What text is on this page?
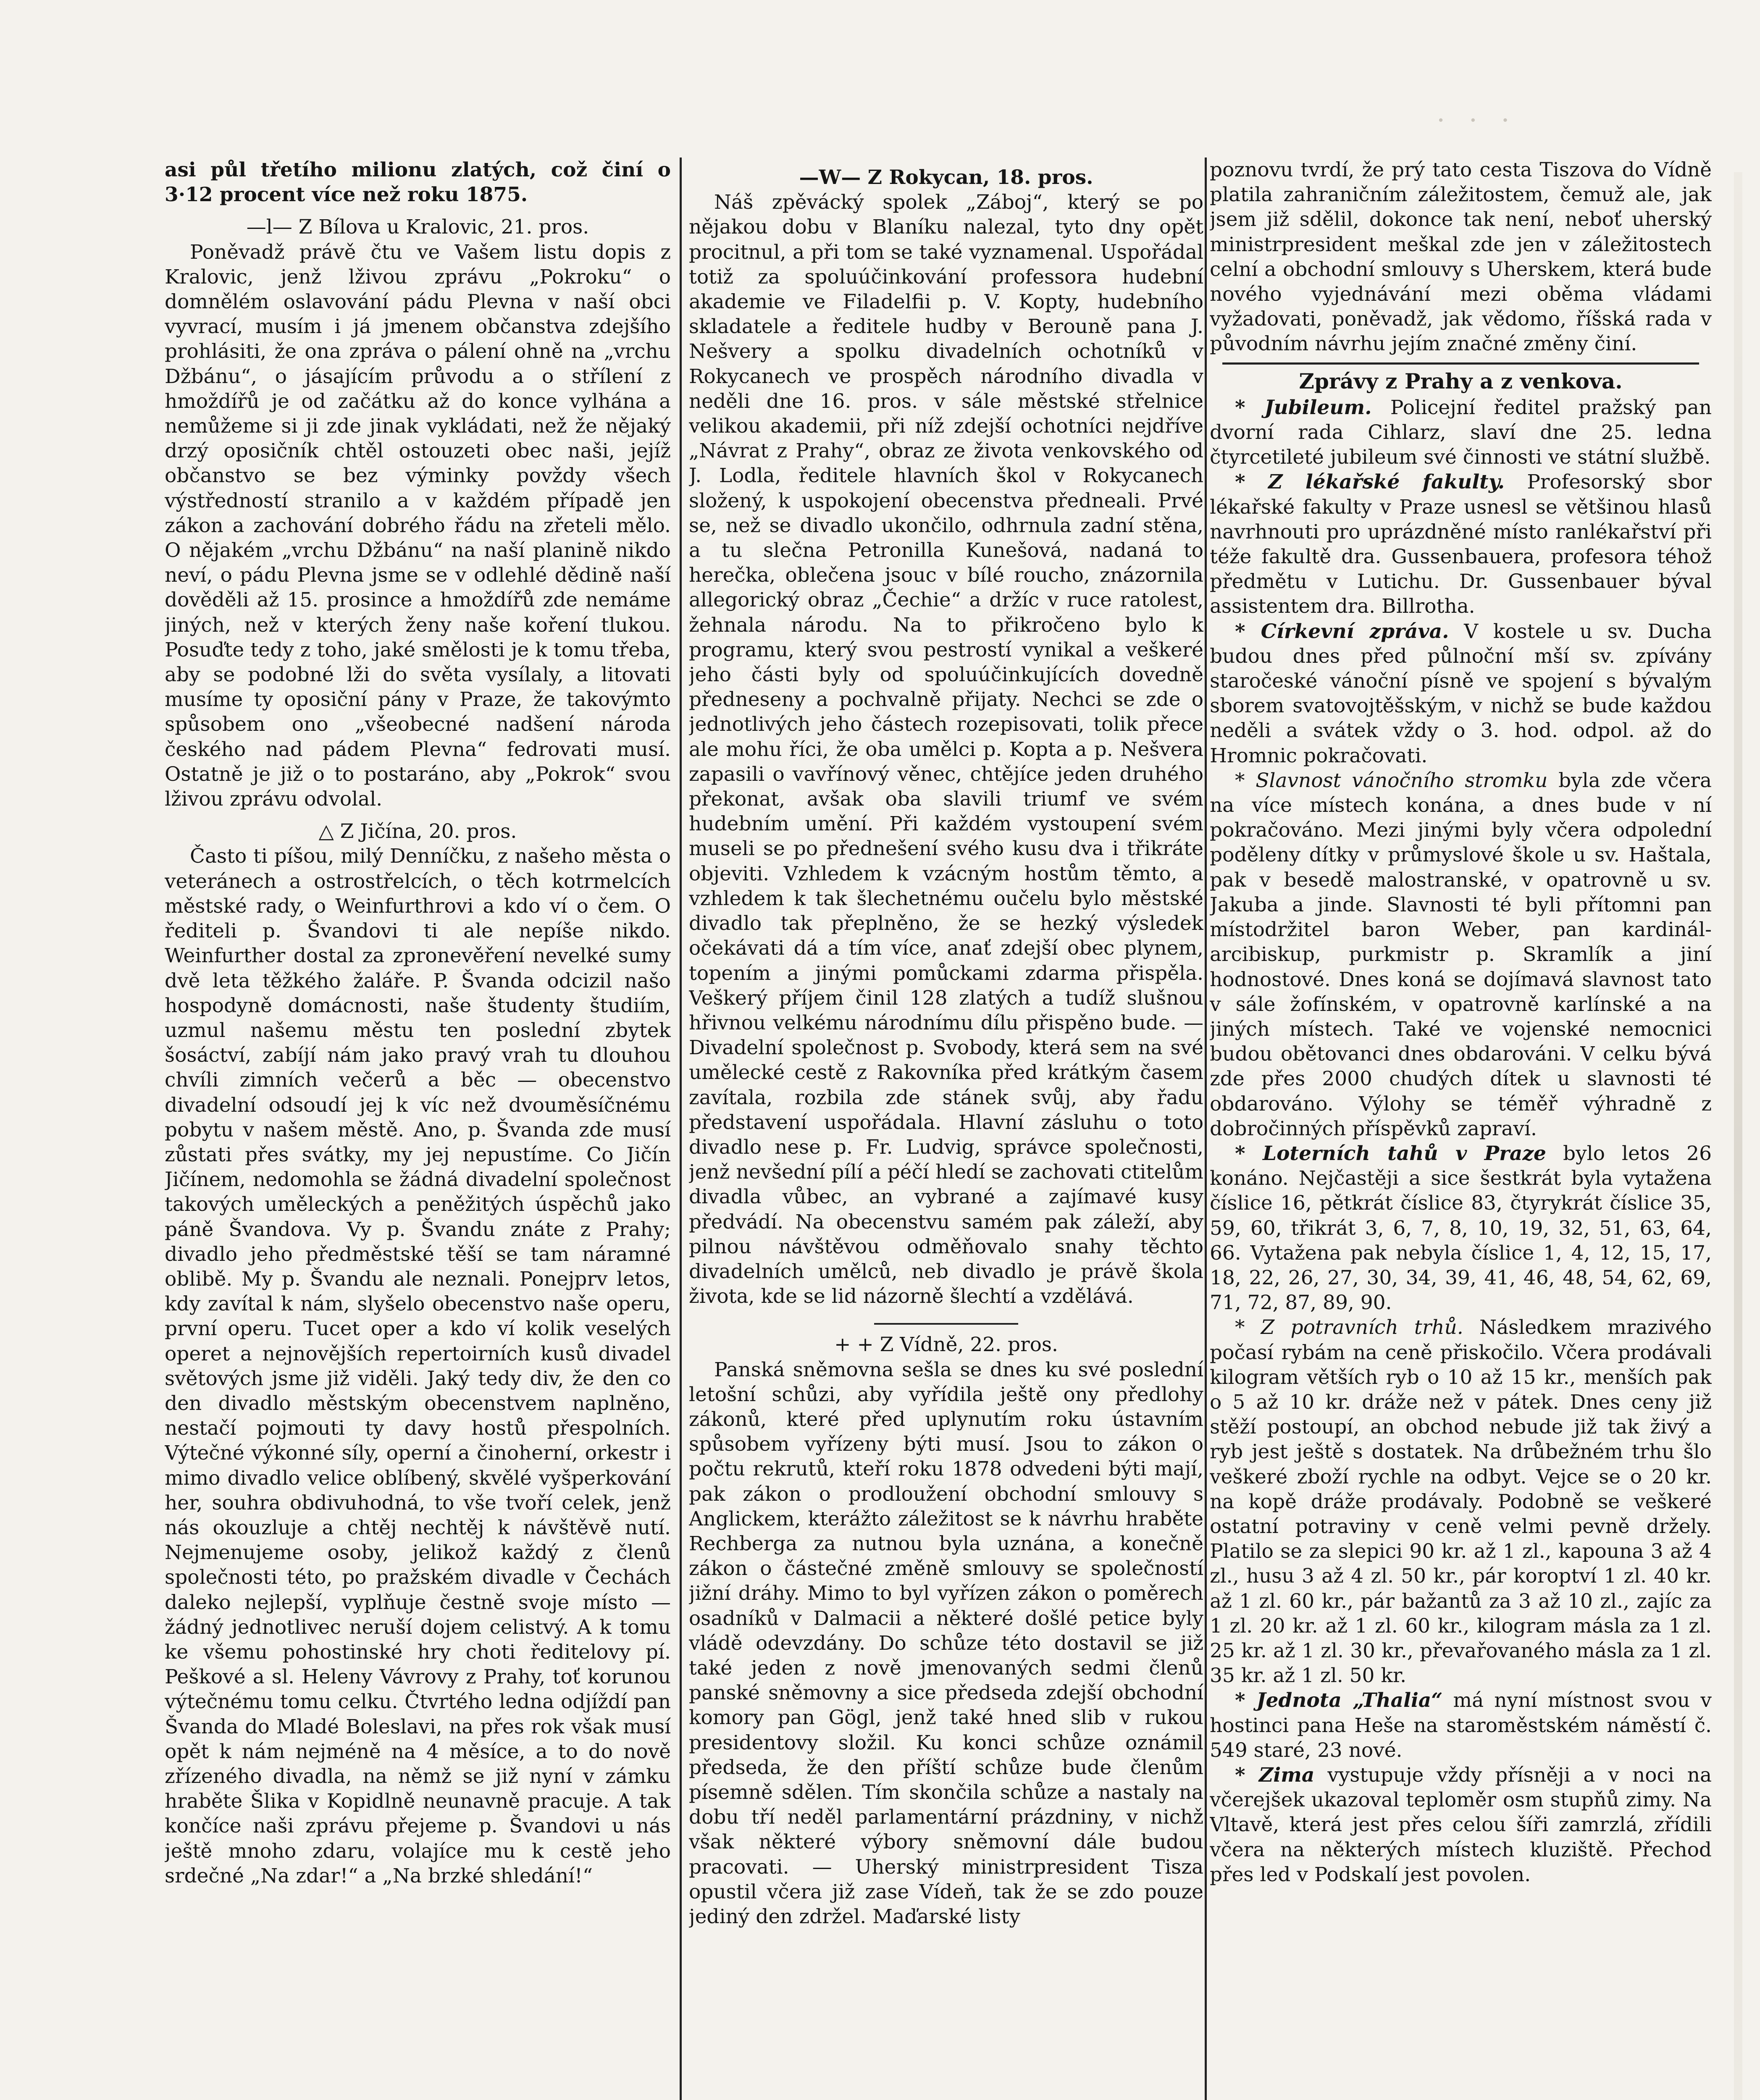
· · ·

asi půl třetího milionu zlatých, což činí o 3·12 procent více než roku 1875.

—l— Z Bílova u Kralovic, 21. pros.

Poněvadž právě čtu ve Vašem listu dopis z Kralovic, jenž lživou zprávu „Pokroku“ o domnělém oslavování pádu Plevna v naší obci vyvrací, musím i já jmenem občanstva zdejšího prohlásiti, že ona zpráva o pálení ohně na „vrchu Džbánu“, o jásajícím průvodu a o střílení z hmoždířů je od začátku až do konce vylhána a nemůžeme si ji zde jinak vykládati, než že nějaký drzý oposičník chtěl ostouzeti obec naši, jejíž občanstvo se bez výminky povždy všech výstředností stranilo a v každém případě jen zákon a zachování dobrého řádu na zřeteli mělo. O nějakém „vrchu Džbánu“ na naší planině nikdo neví, o pádu Plevna jsme se v odlehlé dědině naší dověděli až 15. prosince a hmoždířů zde nemáme jiných, než v kterých ženy naše koření tlukou. Posuďte tedy z toho, jaké smělosti je k tomu třeba, aby se podobné lži do světa vysílaly, a litovati musíme ty oposiční pány v Praze, že takovýmto spůsobem ono „všeobecné nadšení národa českého nad pádem Plevna“ fedrovati musí. Ostatně je již o to postaráno, aby „Pokrok“ svou lživou zprávu odvolal.

△ Z Jičína, 20. pros.

Často ti píšou, milý Denníčku, z našeho města o veteránech a ostrostřelcích, o těch kotrmelcích městské rady, o Weinfurthrovi a kdo ví o čem. O řediteli p. Švandovi ti ale nepíše nikdo. Weinfurther dostal za zpronevěření nevelké sumy dvě leta těžkého žaláře. P. Švanda odcizil našo hospodyně domácnosti, naše študenty študiím, uzmul našemu městu ten poslední zbytek šosáctví, zabíjí nám jako pravý vrah tu dlouhou chvíli zimních večerů a běc — obecenstvo divadelní odsoudí jej k víc než dvouměsíčnému pobytu v našem městě. Ano, p. Švanda zde musí zůstati přes svátky, my jej nepustíme. Co Jičín Jičínem, nedomohla se žádná divadelní společnost takových uměleckých a peněžitých úspěchů jako páně Švandova. Vy p. Švandu znáte z Prahy; divadlo jeho předměstské těší se tam náramné oblibě. My p. Švandu ale neznali. Ponejprv letos, kdy zavítal k nám, slyšelo obecenstvo naše operu, první operu. Tucet oper a kdo ví kolik veselých operet a nejnovějších repertoirních kusů divadel světových jsme již viděli. Jaký tedy div, že den co den divadlo městským obecenstvem naplněno, nestačí pojmouti ty davy hostů přespolních. Výtečné výkonné síly, operní a činoherní, orkestr i mimo divadlo velice oblíbený, skvělé vyšperkování her, souhra obdivuhodná, to vše tvoří celek, jenž nás okouzluje a chtěj nechtěj k návštěvě nutí. Nejmenujeme osoby, jelikož každý z členů společnosti této, po pražském divadle v Čechách daleko nejlepší, vyplňuje čestně svoje místo — žádný jednotlivec neruší dojem celistvý. A k tomu ke všemu pohostinské hry choti ředitelovy pí. Peškové a sl. Heleny Vávrovy z Prahy, toť korunou výtečnému tomu celku. Čtvrtého ledna odjíždí pan Švanda do Mladé Boleslavi, na přes rok však musí opět k nám nejméně na 4 měsíce, a to do nově zřízeného divadla, na němž se již nyní v zámku hraběte Šlika v Kopidlně neunavně pracuje. A tak končíce naši zprávu přejeme p. Švandovi u nás ještě mnoho zdaru, volajíce mu k cestě jeho srdečné „Na zdar!“ a „Na brzké shledání!“

—W— Z Rokycan, 18. pros.

Náš zpěvácký spolek „Záboj“, který se po nějakou dobu v Blaníku nalezal, tyto dny opět procitnul, a při tom se také vyznamenal. Uspořádal totiž za spoluúčinkování professora hudební akademie ve Filadelfii p. V. Kopty, hudebního skladatele a ředitele hudby v Berouně pana J. Nešvery a spolku divadelních ochotníků v Rokycanech ve prospěch národního divadla v neděli dne 16. pros. v sále městské střelnice velikou akademii, při níž zdejší ochotníci nejdříve „Návrat z Prahy“, obraz ze života venkovského od J. Lodla, ředitele hlavních škol v Rokycanech složený, k uspokojení obecenstva předneali. Prvé se, než se divadlo ukončilo, odhrnula zadní stěna, a tu slečna Petronilla Kunešová, nadaná to herečka, oblečena jsouc v bílé roucho, znázornila allegorický obraz „Čechie“ a držíc v ruce ratolest, žehnala národu. Na to přikročeno bylo k programu, který svou pestrostí vynikal a veškeré jeho části byly od spoluúčinkujících dovedně předneseny a pochvalně přijaty. Nechci se zde o jednotlivých jeho částech rozepisovati, tolik přece ale mohu říci, že oba umělci p. Kopta a p. Nešvera zapasili o vavřínový věnec, chtějíce jeden druhého překonat, avšak oba slavili triumf ve svém hudebním umění. Při každém vystoupení svém museli se po přednešení svého kusu dva i třikráte objeviti. Vzhledem k vzácným hostům těmto, a vzhledem k tak šlechetnému oučelu bylo městské divadlo tak přeplněno, že se hezký výsledek očekávati dá a tím více, anať zdejší obec plynem, topením a jinými pomůckami zdarma přispěla. Veškerý příjem činil 128 zlatých a tudíž slušnou hřivnou velkému národnímu dílu přispěno bude. — Divadelní společnost p. Svobody, která sem na své umělecké cestě z Rakovníka před krátkým časem zavítala, rozbila zde stánek svůj, aby řadu představení uspořádala. Hlavní zásluhu o toto divadlo nese p. Fr. Ludvig, správce společnosti, jenž nevšední pílí a péčí hledí se zachovati ctitelům divadla vůbec, an vybrané a zajímavé kusy předvádí. Na obecenstvu samém pak záleží, aby pilnou návštěvou odměňovalo snahy těchto divadelních umělců, neb divadlo je právě škola života, kde se lid názorně šlechtí a vzdělává.

+ + Z Vídně, 22. pros.

Panská sněmovna sešla se dnes ku své poslední letošní schůzi, aby vyřídila ještě ony předlohy zákonů, které před uplynutím roku ústavním spůsobem vyřízeny býti musí. Jsou to zákon o počtu rekrutů, kteří roku 1878 odvedeni býti mají, pak zákon o prodloužení obchodní smlouvy s Anglickem, kterážto záležitost se k návrhu hraběte Rechberga za nutnou byla uznána, a konečně zákon o částečné změně smlouvy se společností jižní dráhy. Mimo to byl vyřízen zákon o poměrech osadníků v Dalmacii a některé došlé petice byly vládě odevzdány. Do schůze této dostavil se již také jeden z nově jmenovaných sedmi členů panské sněmovny a sice předseda zdejší obchodní komory pan Gögl, jenž také hned slib v rukou presidentovy složil. Ku konci schůze oznámil předseda, že den příští schůze bude členům písemně sdělen. Tím skončila schůze a nastaly na dobu tří neděl parlamentární prázdniny, v nichž však některé výbory sněmovní dále budou pracovati. — Uherský ministrpresident Tisza opustil včera již zase Vídeň, tak že se zdo pouze jediný den zdržel. Maďarské listy

poznovu tvrdí, že prý tato cesta Tiszova do Vídně platila zahraničním záležitostem, čemuž ale, jak jsem již sdělil, dokonce tak není, neboť uherský ministrpresident meškal zde jen v záležitostech celní a obchodní smlouvy s Uherskem, která bude nového vyjednávání mezi oběma vládami vyžadovati, poněvadž, jak vědomo, říšská rada v původním návrhu jejím značné změny činí.

Zprávy z Prahy a z venkova.

* Jubileum. Policejní ředitel pražský pan dvorní rada Cihlarz, slaví dne 25. ledna čtyrcetileté jubileum své činnosti ve státní službě.

* Z lékařské fakulty. Profesorský sbor lékařské fakulty v Praze usnesl se většinou hlasů navrhnouti pro uprázdněné místo ranlékařství při téže fakultě dra. Gussenbauera, profesora téhož předmětu v Lutichu. Dr. Gussenbauer býval assistentem dra. Billrotha.

* Církevní zpráva. V kostele u sv. Ducha budou dnes před půlnoční mší sv. zpívány staročeské vánoční písně ve spojení s bývalým sborem svatovojtěšským, v nichž se bude každou neděli a svátek vždy o 3. hod. odpol. až do Hromnic pokračovati.

* Slavnost vánočního stromku byla zde včera na více místech konána, a dnes bude v ní pokračováno. Mezi jinými byly včera odpolední poděleny dítky v průmyslové škole u sv. Haštala, pak v besedě malostranské, v opatrovně u sv. Jakuba a jinde. Slavnosti té byli přítomni pan místodržitel baron Weber, pan kardinál-arcibiskup, purkmistr p. Skramlík a jiní hodnostové. Dnes koná se dojímavá slavnost tato v sále žofínském, v opatrovně karlínské a na jiných místech. Také ve vojenské nemocnici budou obětovanci dnes obdarováni. V celku bývá zde přes 2000 chudých dítek u slavnosti té obdarováno. Výlohy se téměř výhradně z dobročinných příspěvků zapraví.

* Loterních tahů v Praze bylo letos 26 konáno. Nejčastěji a sice šestkrát byla vytažena číslice 16, pětkrát číslice 83, čtyrykrát číslice 35, 59, 60, třikrát 3, 6, 7, 8, 10, 19, 32, 51, 63, 64, 66. Vytažena pak nebyla číslice 1, 4, 12, 15, 17, 18, 22, 26, 27, 30, 34, 39, 41, 46, 48, 54, 62, 69, 71, 72, 87, 89, 90.

* Z potravních trhů. Následkem mrazivého počasí rybám na ceně přiskočilo. Včera prodávali kilogram větších ryb o 10 až 15 kr., menších pak o 5 až 10 kr. dráže než v pátek. Dnes ceny již stěží postoupí, an obchod nebude již tak živý a ryb jest ještě s dostatek. Na drůbežném trhu šlo veškeré zboží rychle na odbyt. Vejce se o 20 kr. na kopě dráže prodávaly. Podobně se veškeré ostatní potraviny v ceně velmi pevně držely. Platilo se za slepici 90 kr. až 1 zl., kapouna 3 až 4 zl., husu 3 až 4 zl. 50 kr., pár koroptví 1 zl. 40 kr. až 1 zl. 60 kr., pár bažantů za 3 až 10 zl., zajíc za 1 zl. 20 kr. až 1 zl. 60 kr., kilogram másla za 1 zl. 25 kr. až 1 zl. 30 kr., převařovaného másla za 1 zl. 35 kr. až 1 zl. 50 kr.

* Jednota „Thalia“ má nyní místnost svou v hostinci pana Heše na staroměstském náměstí č. 549 staré, 23 nové.

* Zima vystupuje vždy přísněji a v noci na včerejšek ukazoval teploměr osm stupňů zimy. Na Vltavě, která jest přes celou šíři zamrzlá, zřídili včera na některých místech kluziště. Přechod přes led v Podskalí jest povolen.
